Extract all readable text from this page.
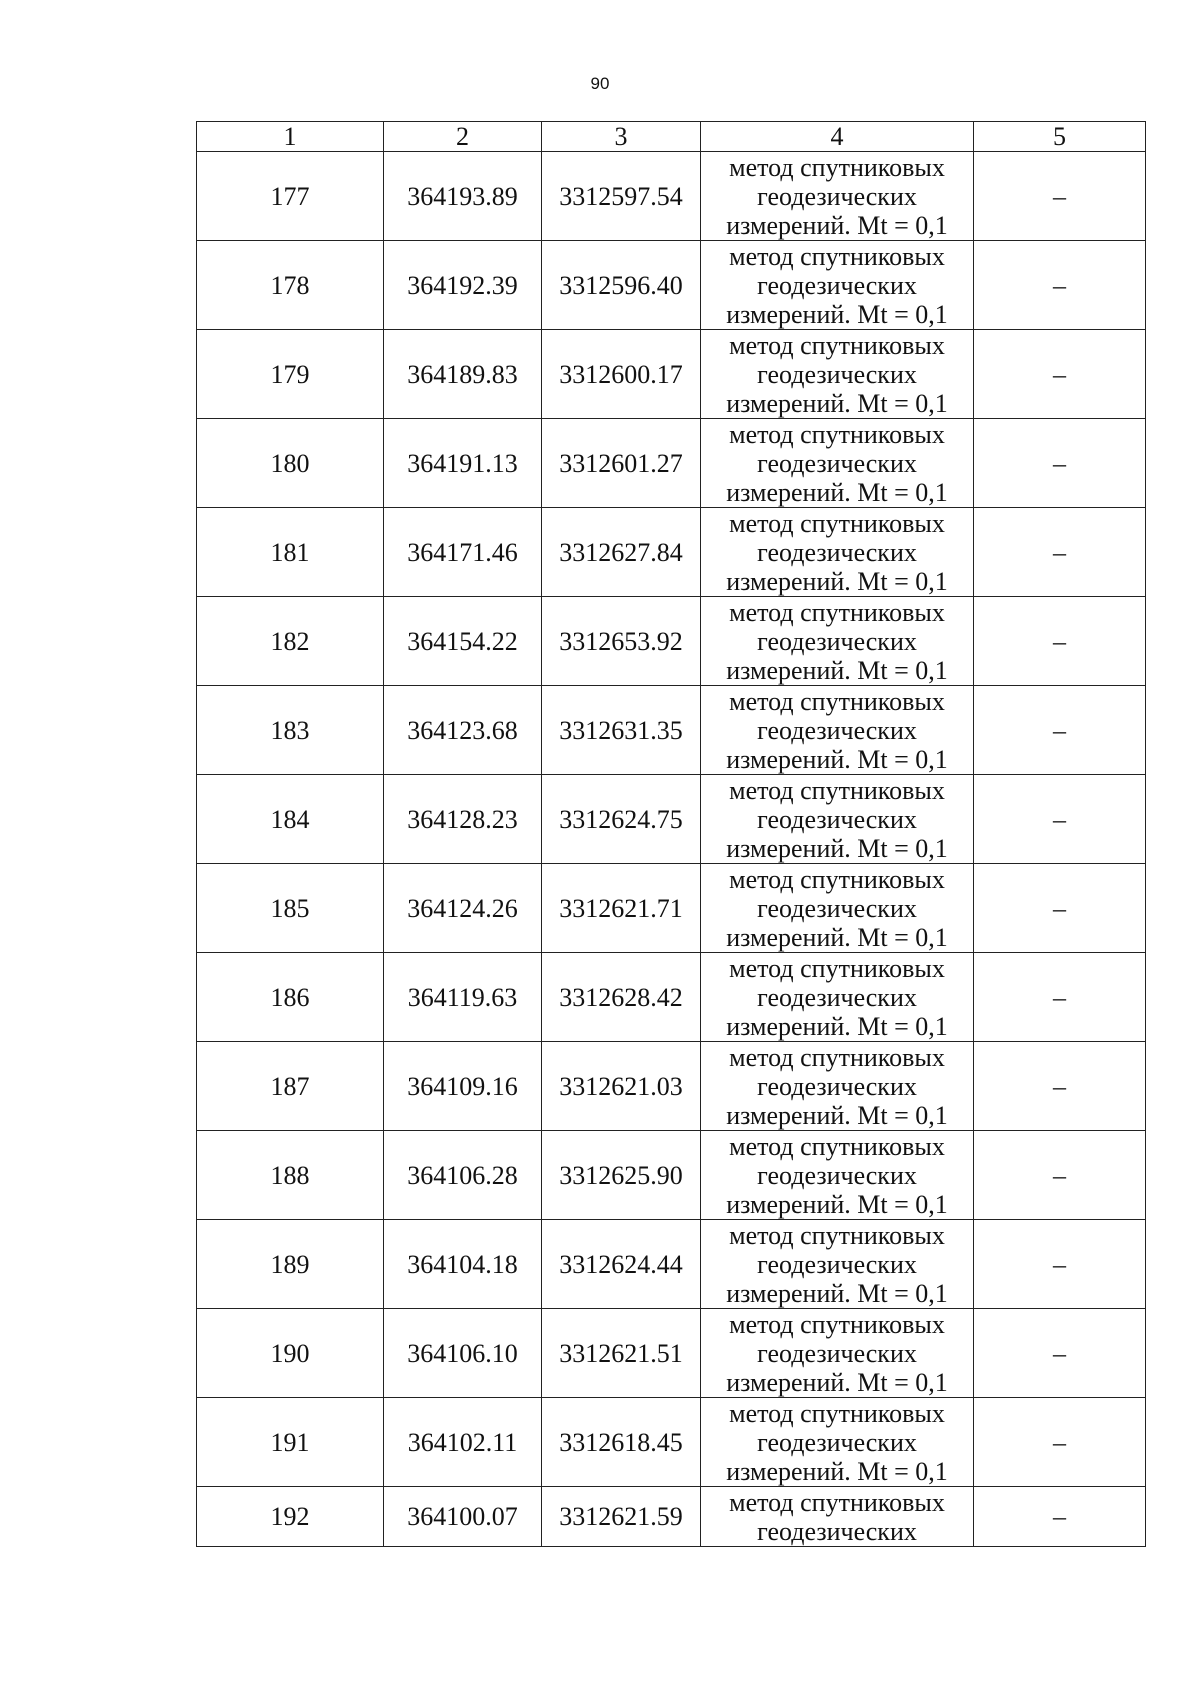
90
1	2	3	4	5
177	364193.89	3312597.54	метод спутниковых
геодезических
измерений. Mt = 0,1	–
178	364192.39	3312596.40	метод спутниковых
геодезических
измерений. Mt = 0,1	–
179	364189.83	3312600.17	метод спутниковых
геодезических
измерений. Mt = 0,1	–
180	364191.13	3312601.27	метод спутниковых
геодезических
измерений. Mt = 0,1	–
181	364171.46	3312627.84	метод спутниковых
геодезических
измерений. Mt = 0,1	–
182	364154.22	3312653.92	метод спутниковых
геодезических
измерений. Mt = 0,1	–
183	364123.68	3312631.35	метод спутниковых
геодезических
измерений. Mt = 0,1	–
184	364128.23	3312624.75	метод спутниковых
геодезических
измерений. Mt = 0,1	–
185	364124.26	3312621.71	метод спутниковых
геодезических
измерений. Mt = 0,1	–
186	364119.63	3312628.42	метод спутниковых
геодезических
измерений. Mt = 0,1	–
187	364109.16	3312621.03	метод спутниковых
геодезических
измерений. Mt = 0,1	–
188	364106.28	3312625.90	метод спутниковых
геодезических
измерений. Mt = 0,1	–
189	364104.18	3312624.44	метод спутниковых
геодезических
измерений. Mt = 0,1	–
190	364106.10	3312621.51	метод спутниковых
геодезических
измерений. Mt = 0,1	–
191	364102.11	3312618.45	метод спутниковых
геодезических
измерений. Mt = 0,1	–
192	364100.07	3312621.59	метод спутниковых
геодезических	–
